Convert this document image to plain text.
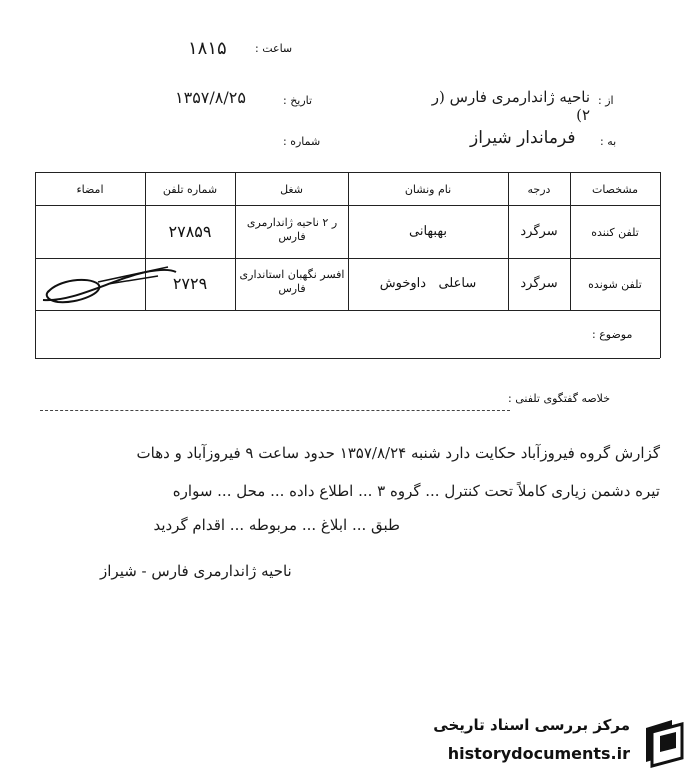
ساعت :
۱۸۱۵
تاریخ :
۱۳۵۷/۸/۲۵
شماره :
از :
ناحیه ژاندارمری فارس (ر ۲)
به :
فرماندار شیراز
مشخصات
درجه
نام ونشان
شغل
شماره تلفن
امضاء
تلفن کننده
سرگرد
بهبهانی
ر ۲ ناحیه ژاندارمری فارس
۲۷۸۵۹
تلفن شونده
سرگرد
ساعلی   داوخوش
افسر نگهبان استانداری فارس
۲۷۲۹
موضوع :
خلاصه گفتگوی تلفنی :
گزارش گروه فیروزآباد حکایت دارد شنبه ۱۳۵۷/۸/۲۴ حدود ساعت ۹ فیروزآباد و دهات
تیره دشمن زیاری کاملاً تحت کنترل ... گروه ۳ ... اطلاع داده ... محل ... سواره
طبق ... ابلاغ ... مربوطه ... اقدام گردید
ناحیه ژاندارمری فارس - شیراز
مرکز بررسی اسناد تاریخی
historydocuments.ir
